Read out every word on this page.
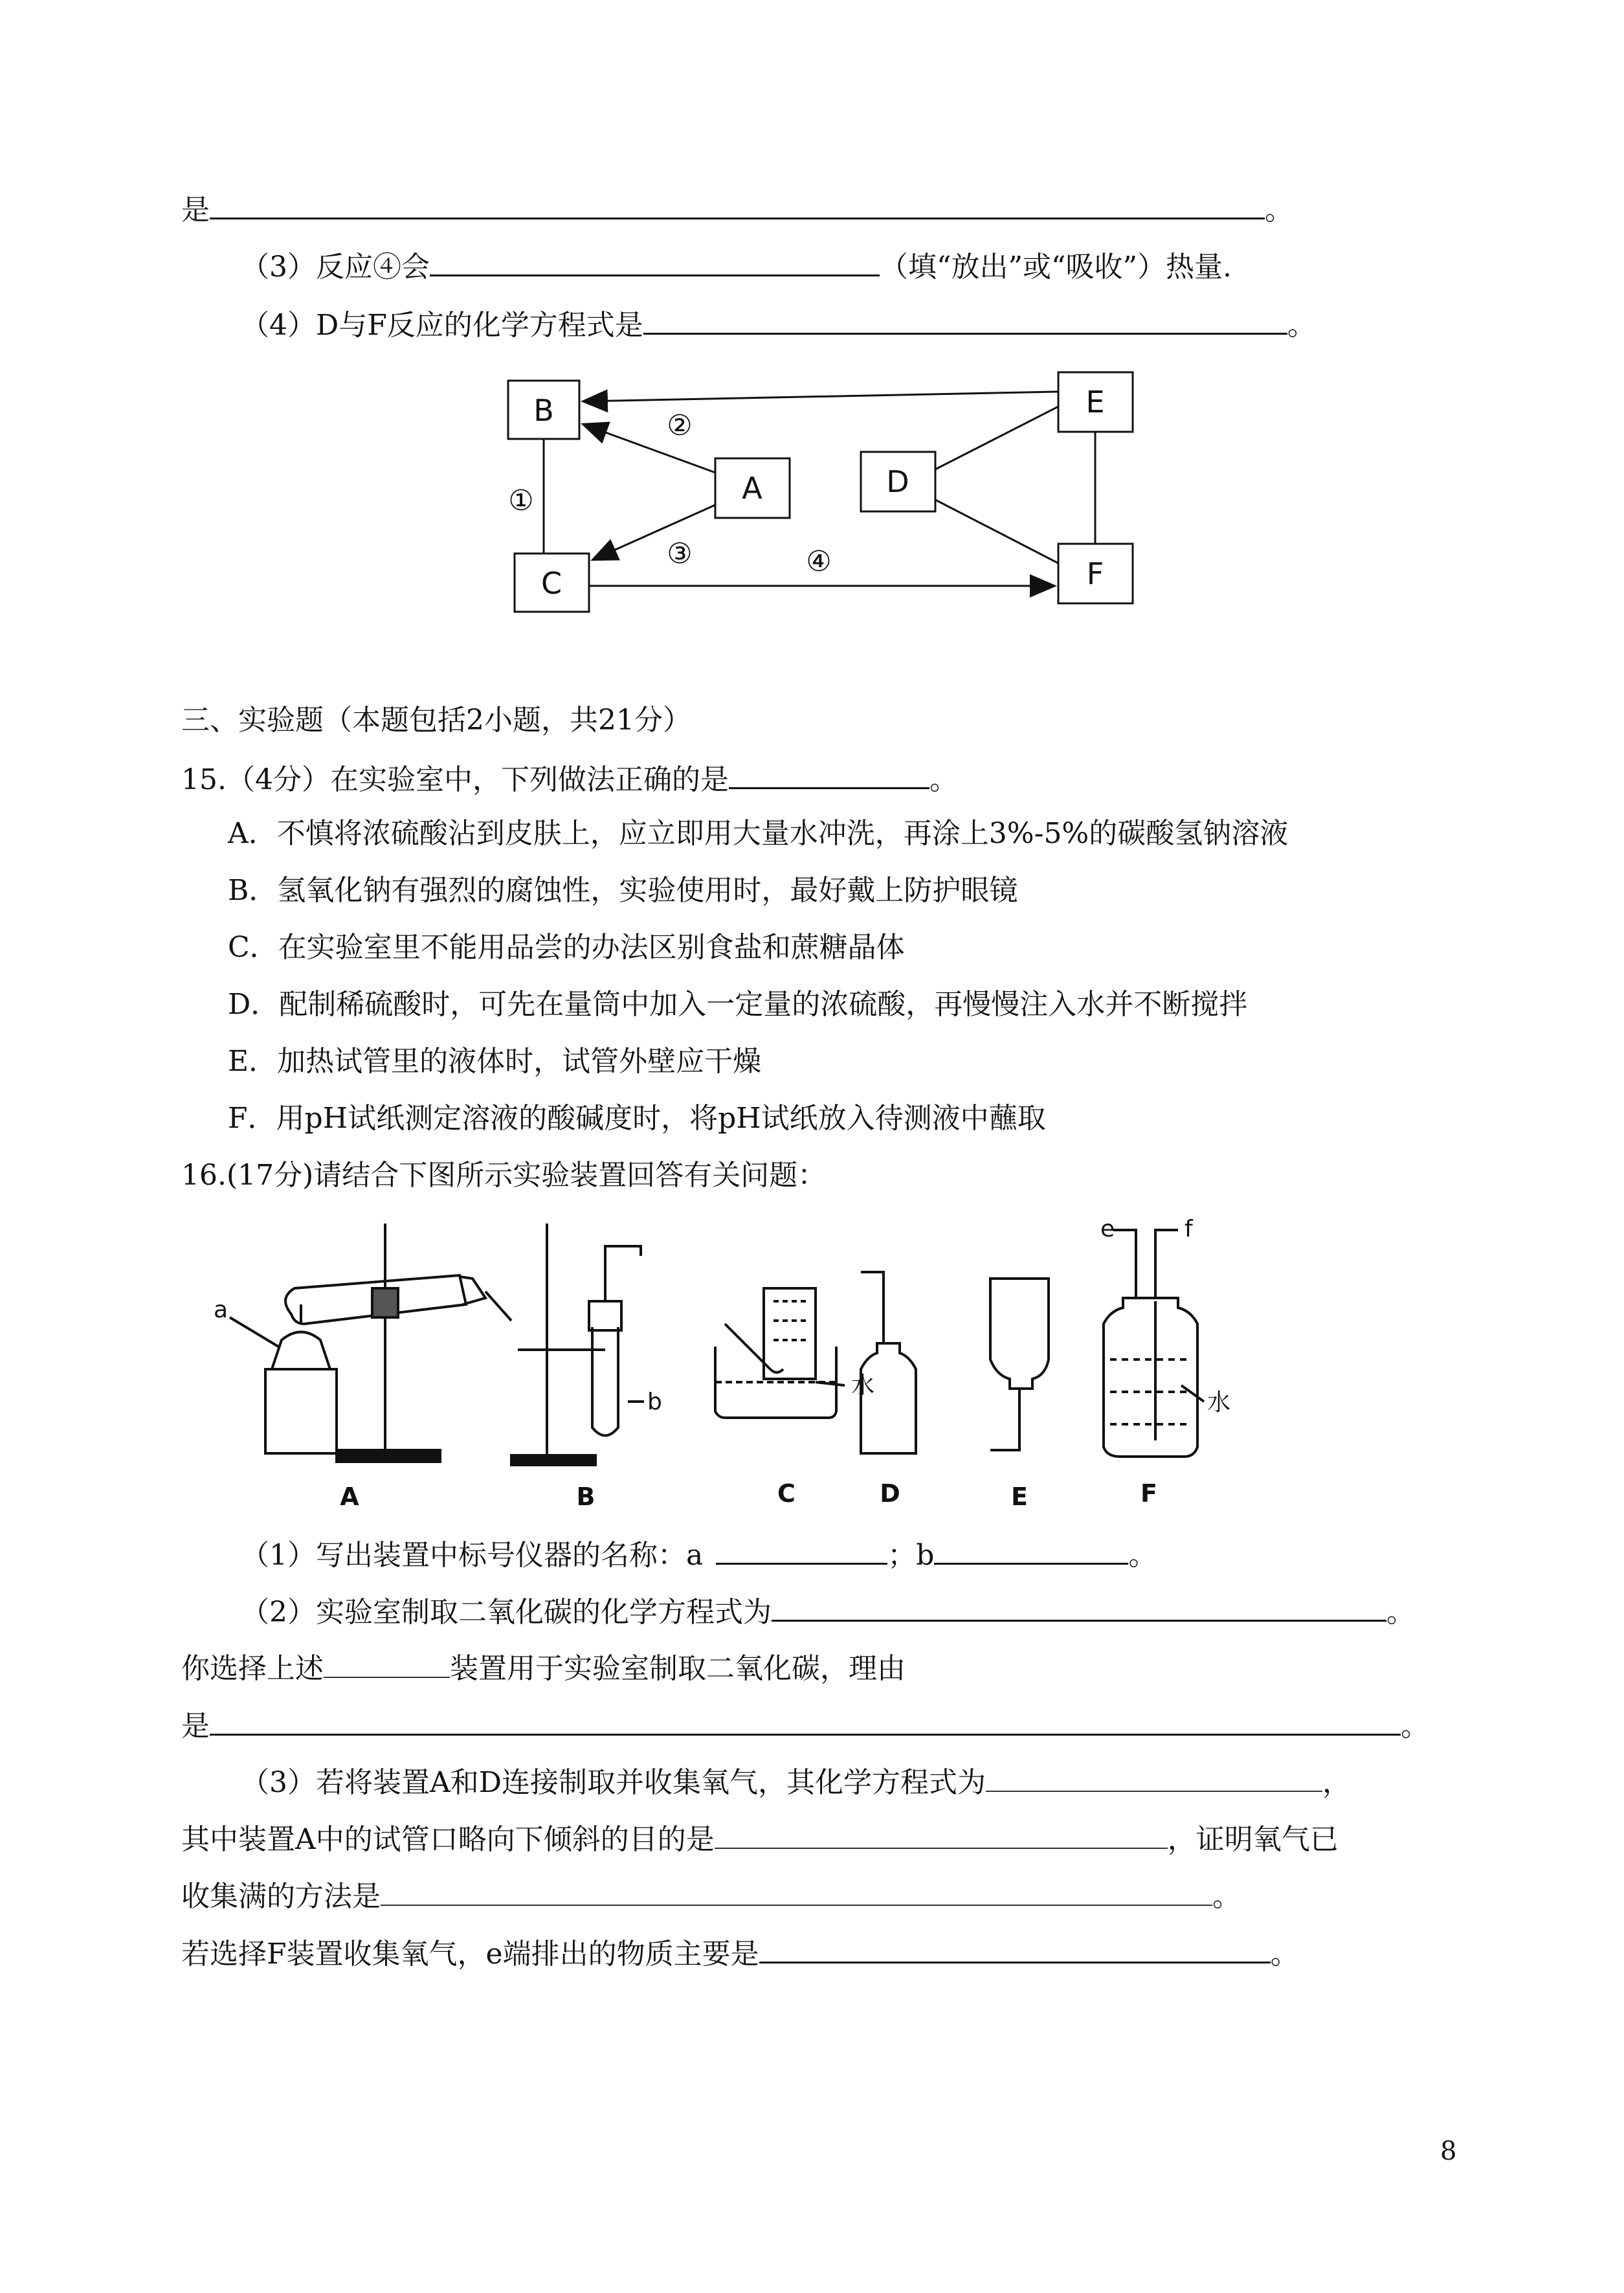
是	。
（3）反应④会	（填“放出”或“吸收”）热量.
（4）D与F反应的化学方程式是	。
B
A
C
D
E
F
②
①
③	④
三、实验题（本题包括2小题，共21分）
15.（4分）在实验室中，下列做法正确的是	。
A．不慎将浓硫酸沾到皮肤上，应立即用大量水冲洗，再涂上3%-5%的碳酸氢钠溶液
B．氢氧化钠有强烈的腐蚀性，实验使用时，最好戴上防护眼镜
C．在实验室里不能用品尝的办法区别食盐和蔗糖晶体
D．配制稀硫酸时，可先在量筒中加入一定量的浓硫酸，再慢慢注入水并不断搅拌
E．加热试管里的液体时，试管外壁应干燥
F．用pH试纸测定溶液的酸碱度时，将pH试纸放入待测液中蘸取
16.(17分)请结合下图所示实验装置回答有关问题：
a
b
水
e	f
水
A	B	C	D	E	F
（1）写出装置中标号仪器的名称：a	；b	。
（2）实验室制取二氧化碳的化学方程式为	。
你选择上述	装置用于实验室制取二氧化碳，理由
是	。
（3）若将装置A和D连接制取并收集氧气，其化学方程式为	，
其中装置A中的试管口略向下倾斜的目的是	，证明氧气已
收集满的方法是	。
若选择F装置收集氧气，e端排出的物质主要是	。
8
